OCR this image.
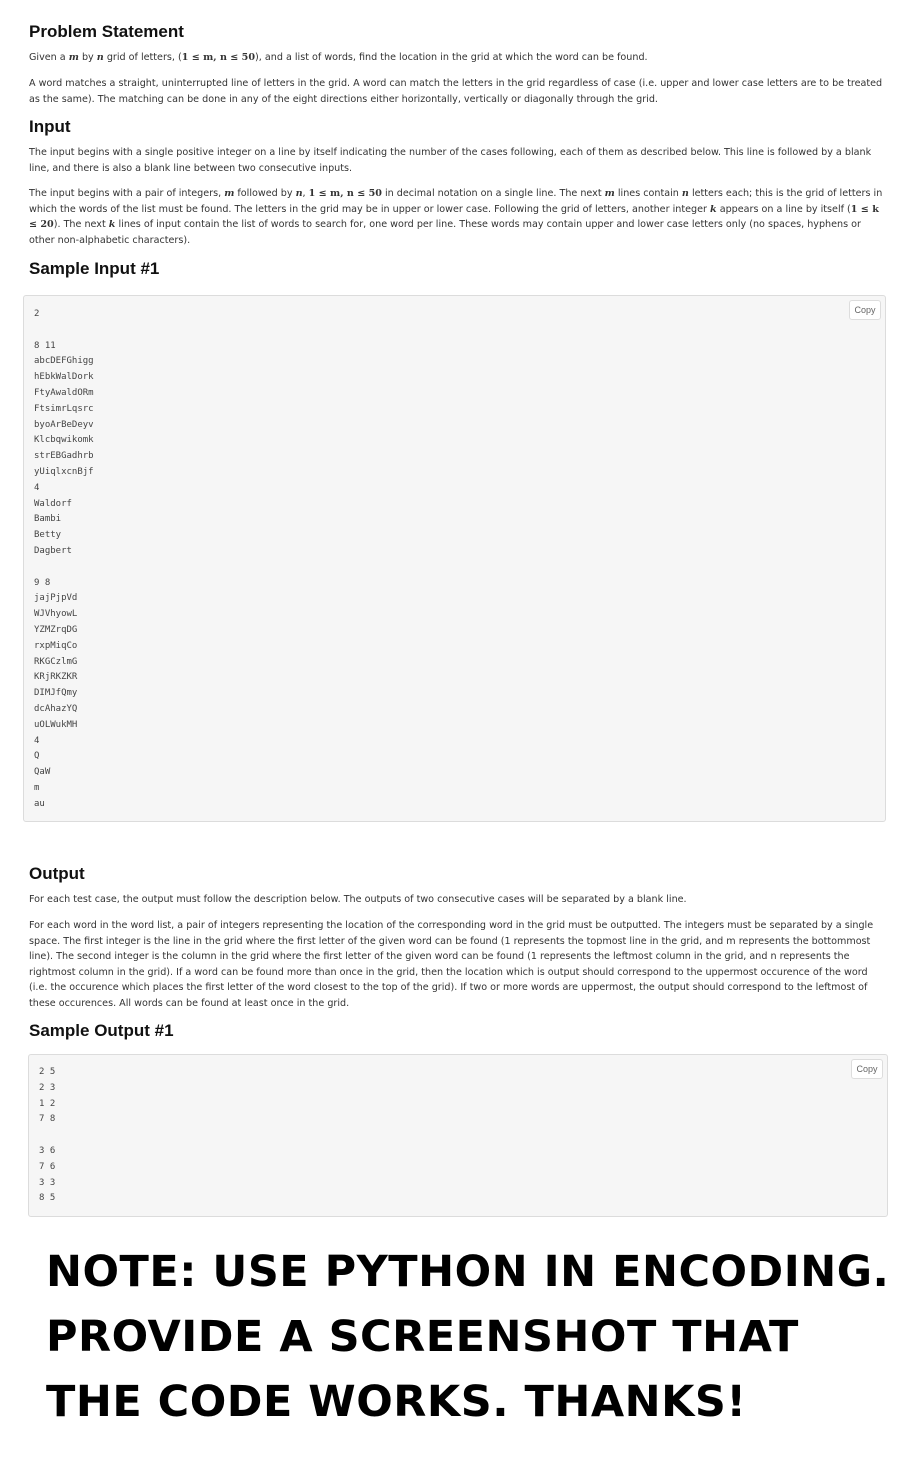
Problem Statement

Given a m by n grid of letters, (1 ≤ m, n ≤ 50), and a list of words, find the location in the grid at which the word can be found.

A word matches a straight, uninterrupted line of letters in the grid. A word can match the letters in the grid regardless of case (i.e. upper and lower case letters are to be treated as the same). The matching can be done in any of the eight directions either horizontally, vertically or diagonally through the grid.

Input

The input begins with a single positive integer on a line by itself indicating the number of the cases following, each of them as described below. This line is followed by a blank line, and there is also a blank line between two consecutive inputs.

The input begins with a pair of integers, m followed by n, 1 ≤ m, n ≤ 50 in decimal notation on a single line. The next m lines contain n letters each; this is the grid of letters in which the words of the list must be found. The letters in the grid may be in upper or lower case. Following the grid of letters, another integer k appears on a line by itself (1 ≤ k ≤ 20). The next k lines of input contain the list of words to search for, one word per line. These words may contain upper and lower case letters only (no spaces, hyphens or other non-alphabetic characters).

Sample Input #1
Copy
2

8 11
abcDEFGhigg
hEbkWalDork
FtyAwaldORm
FtsimrLqsrc
byoArBeDeyv
Klcbqwikomk
strEBGadhrb
yUiqlxcnBjf
4
Waldorf
Bambi
Betty
Dagbert

9 8
jajPjpVd
WJVhyowL
YZMZrqDG
rxpMiqCo
RKGCzlmG
KRjRKZKR
DIMJfQmy
dcAhazYQ
uOLWukMH
4
Q
QaW
m
au
Output

For each test case, the output must follow the description below. The outputs of two consecutive cases will be separated by a blank line.

For each word in the word list, a pair of integers representing the location of the corresponding word in the grid must be outputted. The integers must be separated by a single space. The first integer is the line in the grid where the first letter of the given word can be found (1 represents the topmost line in the grid, and m represents the bottommost line). The second integer is the column in the grid where the first letter of the given word can be found (1 represents the leftmost column in the grid, and n represents the rightmost column in the grid). If a word can be found more than once in the grid, then the location which is output should correspond to the uppermost occurence of the word (i.e. the occurence which places the first letter of the word closest to the top of the grid). If two or more words are uppermost, the output should correspond to the leftmost of these occurences. All words can be found at least once in the grid.

Sample Output #1
Copy
2 5
2 3
1 2
7 8

3 6
7 6
3 3
8 5
NOTE: USE PYTHON IN ENCODING. PROVIDE A SCREENSHOT THAT THE CODE WORKS. THANKS!
